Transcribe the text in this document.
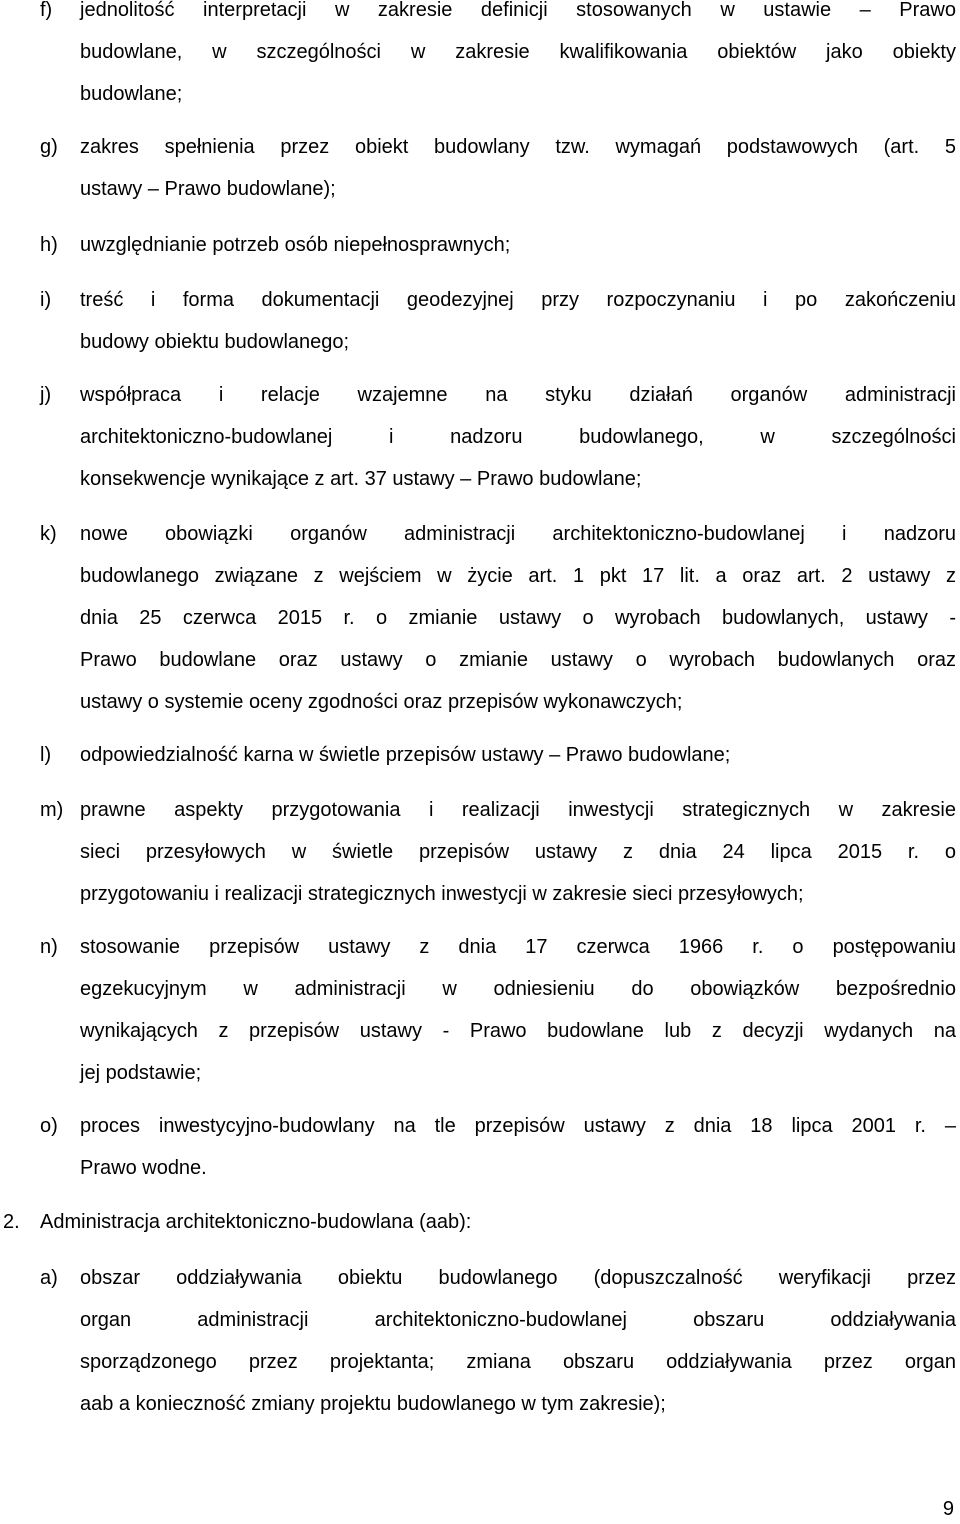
f) jednolitość interpretacji w zakresie definicji stosowanych w ustawie – Prawo
budowlane, w szczególności w zakresie kwalifikowania obiektów jako obiekty
budowlane;
g) zakres spełnienia przez obiekt budowlany tzw. wymagań podstawowych (art. 5
ustawy – Prawo budowlane);
h) uwzględnianie potrzeb osób niepełnosprawnych;
i) treść i forma dokumentacji geodezyjnej przy rozpoczynaniu i po zakończeniu
budowy obiektu budowlanego;
j) współpraca i relacje wzajemne na styku działań organów administracji
architektoniczno-budowlanej i nadzoru budowlanego, w szczególności
konsekwencje wynikające z art. 37 ustawy – Prawo budowlane;
k) nowe obowiązki organów administracji architektoniczno-budowlanej i nadzoru
budowlanego związane z wejściem w życie art. 1 pkt 17 lit. a oraz art. 2 ustawy z
dnia 25 czerwca 2015 r. o zmianie ustawy o wyrobach budowlanych, ustawy -
Prawo budowlane oraz ustawy o zmianie ustawy o wyrobach budowlanych oraz
ustawy o systemie oceny zgodności oraz przepisów wykonawczych;
l) odpowiedzialność karna w świetle przepisów ustawy – Prawo budowlane;
m) prawne aspekty przygotowania i realizacji inwestycji strategicznych w zakresie
sieci przesyłowych w świetle przepisów ustawy z dnia 24 lipca 2015 r. o
przygotowaniu i realizacji strategicznych inwestycji w zakresie sieci przesyłowych;
n) stosowanie przepisów ustawy z dnia 17 czerwca 1966 r. o postępowaniu
egzekucyjnym w administracji w odniesieniu do obowiązków bezpośrednio
wynikających z przepisów ustawy - Prawo budowlane lub z decyzji wydanych na
jej podstawie;
o) proces inwestycyjno-budowlany na tle przepisów ustawy z dnia 18 lipca 2001 r. –
Prawo wodne.
2. Administracja architektoniczno-budowlana (aab):
a) obszar oddziaływania obiektu budowlanego (dopuszczalność weryfikacji przez
organ administracji architektoniczno-budowlanej obszaru oddziaływania
sporządzonego przez projektanta; zmiana obszaru oddziaływania przez organ
aab a konieczność zmiany projektu budowlanego w tym zakresie);
9
